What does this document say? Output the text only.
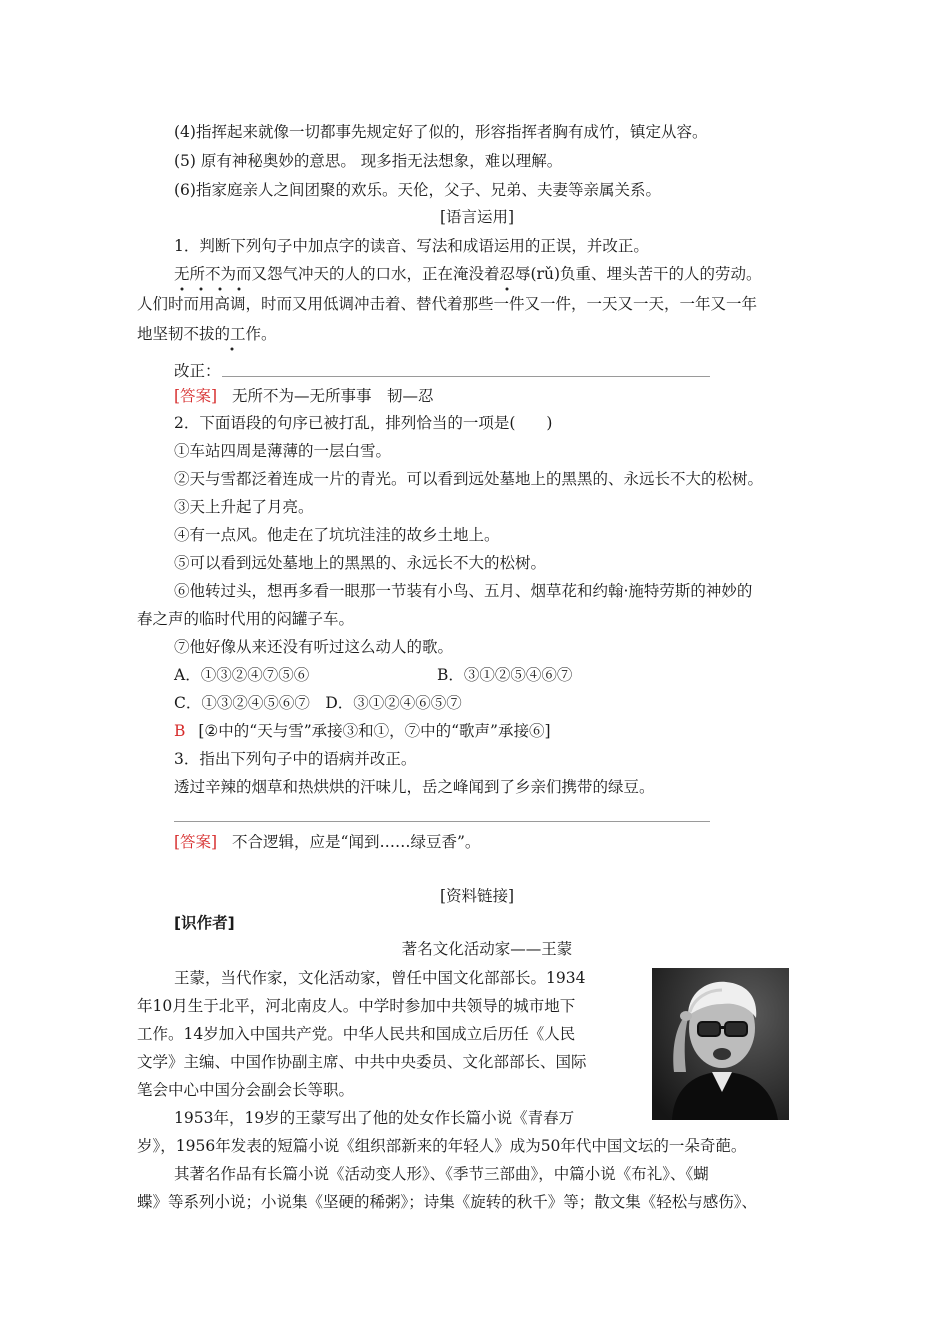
(4)指挥起来就像一切都事先规定好了似的，形容指挥者胸有成竹，镇定从容。
(5) 原有神秘奥妙的意思。 现多指无法想象，难以理解。
(6)指家庭亲人之间团聚的欢乐。天伦，父子、兄弟、夫妻等亲属关系。
[语言运用]
1．判断下列句子中加点字的读音、写法和成语运用的正误，并改正。
无所不为而又怨气冲天的人的口水，正在淹没着忍辱(rǔ)负重、埋头苦干的人的劳动。
人们时而用高调，时而又用低调冲击着、替代着那些一件又一件，一天又一天，一年又一年
地坚韧不拔的工作。
改正：
[答案] 无所不为—无所事事　韧—忍
2．下面语段的句序已被打乱，排列恰当的一项是(　　)
①车站四周是薄薄的一层白雪。
②天与雪都泛着连成一片的青光。可以看到远处墓地上的黑黑的、永远长不大的松树。
③天上升起了月亮。
④有一点风。他走在了坑坑洼洼的故乡土地上。
⑤可以看到远处墓地上的黑黑的、永远长不大的松树。
⑥他转过头，想再多看一眼那一节装有小鸟、五月、烟草花和约翰·施特劳斯的神妙的
春之声的临时代用的闷罐子车。
⑦他好像从来还没有听过这么动人的歌。
A．①③②④⑦⑤⑥	B．③①②⑤④⑥⑦
C．①③②④⑤⑥⑦　D．③①②④⑥⑤⑦
B [②中的“天与雪”承接③和①，⑦中的“歌声”承接⑥]
3．指出下列句子中的语病并改正。
透过辛辣的烟草和热烘烘的汗味儿，岳之峰闻到了乡亲们携带的绿豆。
[答案] 不合逻辑，应是“闻到……绿豆香”。
[资料链接]
[识作者]
著名文化活动家——王蒙
王蒙，当代作家，文化活动家，曾任中国文化部部长。1934
年10月生于北平，河北南皮人。中学时参加中共领导的城市地下
工作。14岁加入中国共产党。中华人民共和国成立后历任《人民
文学》主编、中国作协副主席、中共中央委员、文化部部长、国际
笔会中心中国分会副会长等职。
1953年，19岁的王蒙写出了他的处女作长篇小说《青春万
岁》，1956年发表的短篇小说《组织部新来的年轻人》成为50年代中国文坛的一朵奇葩。
其著名作品有长篇小说《活动变人形》、《季节三部曲》，中篇小说《布礼》、《蝴
蝶》等系列小说；小说集《坚硬的稀粥》；诗集《旋转的秋千》等；散文集《轻松与感伤》、
